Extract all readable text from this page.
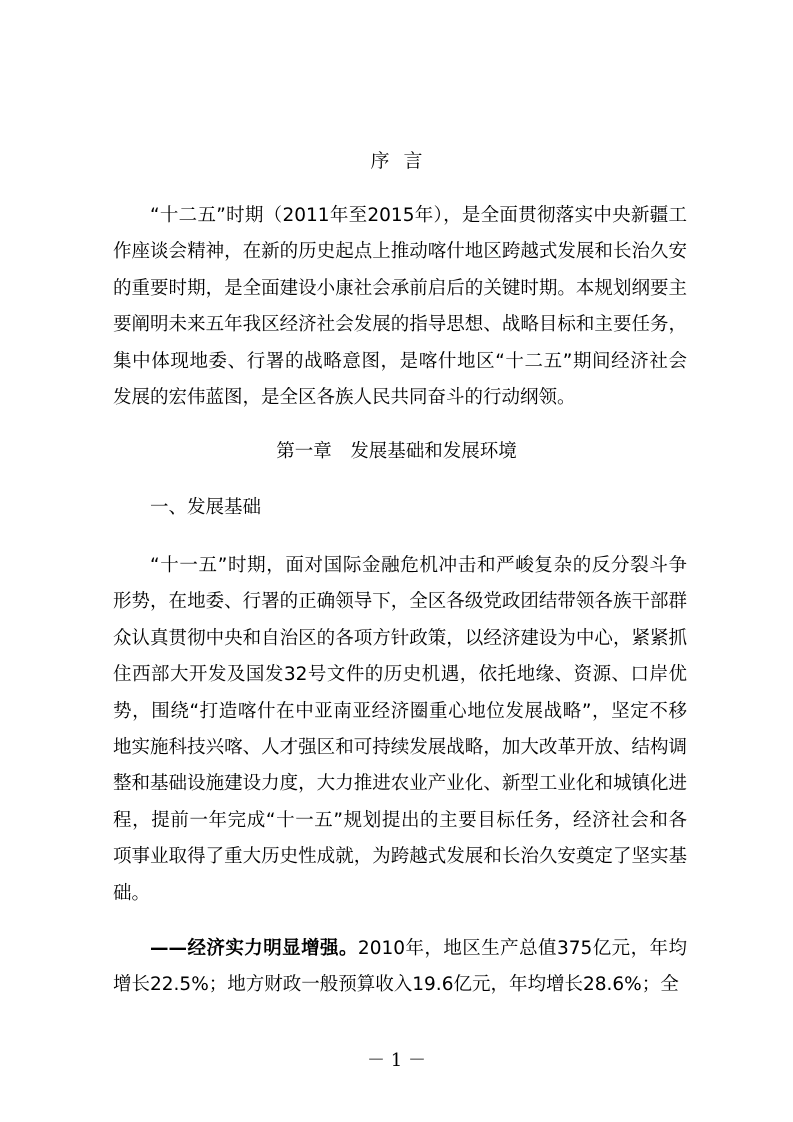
序言

“十二五”时期（2011年至2015年），是全面贯彻落实中央新疆工作座谈会精神，在新的历史起点上推动喀什地区跨越式发展和长治久安的重要时期，是全面建设小康社会承前启后的关键时期。本规划纲要主要阐明未来五年我区经济社会发展的指导思想、战略目标和主要任务，集中体现地委、行署的战略意图，是喀什地区“十二五”期间经济社会发展的宏伟蓝图，是全区各族人民共同奋斗的行动纲领。

第一章 发展基础和发展环境
一、发展基础

“十一五”时期，面对国际金融危机冲击和严峻复杂的反分裂斗争形势，在地委、行署的正确领导下，全区各级党政团结带领各族干部群众认真贯彻中央和自治区的各项方针政策，以经济建设为中心，紧紧抓住西部大开发及国发32号文件的历史机遇，依托地缘、资源、口岸优势，围绕“打造喀什在中亚南亚经济圈重心地位发展战略”，坚定不移地实施科技兴喀、人才强区和可持续发展战略，加大改革开放、结构调整和基础设施建设力度，大力推进农业产业化、新型工业化和城镇化进程，提前一年完成“十一五”规划提出的主要目标任务，经济社会和各项事业取得了重大历史性成就，为跨越式发展和长治久安奠定了坚实基础。

——经济实力明显增强。2010年，地区生产总值375亿元，年均增长22.5%；地方财政一般预算收入19.6亿元，年均增长28.6%；全

－ 1 －
